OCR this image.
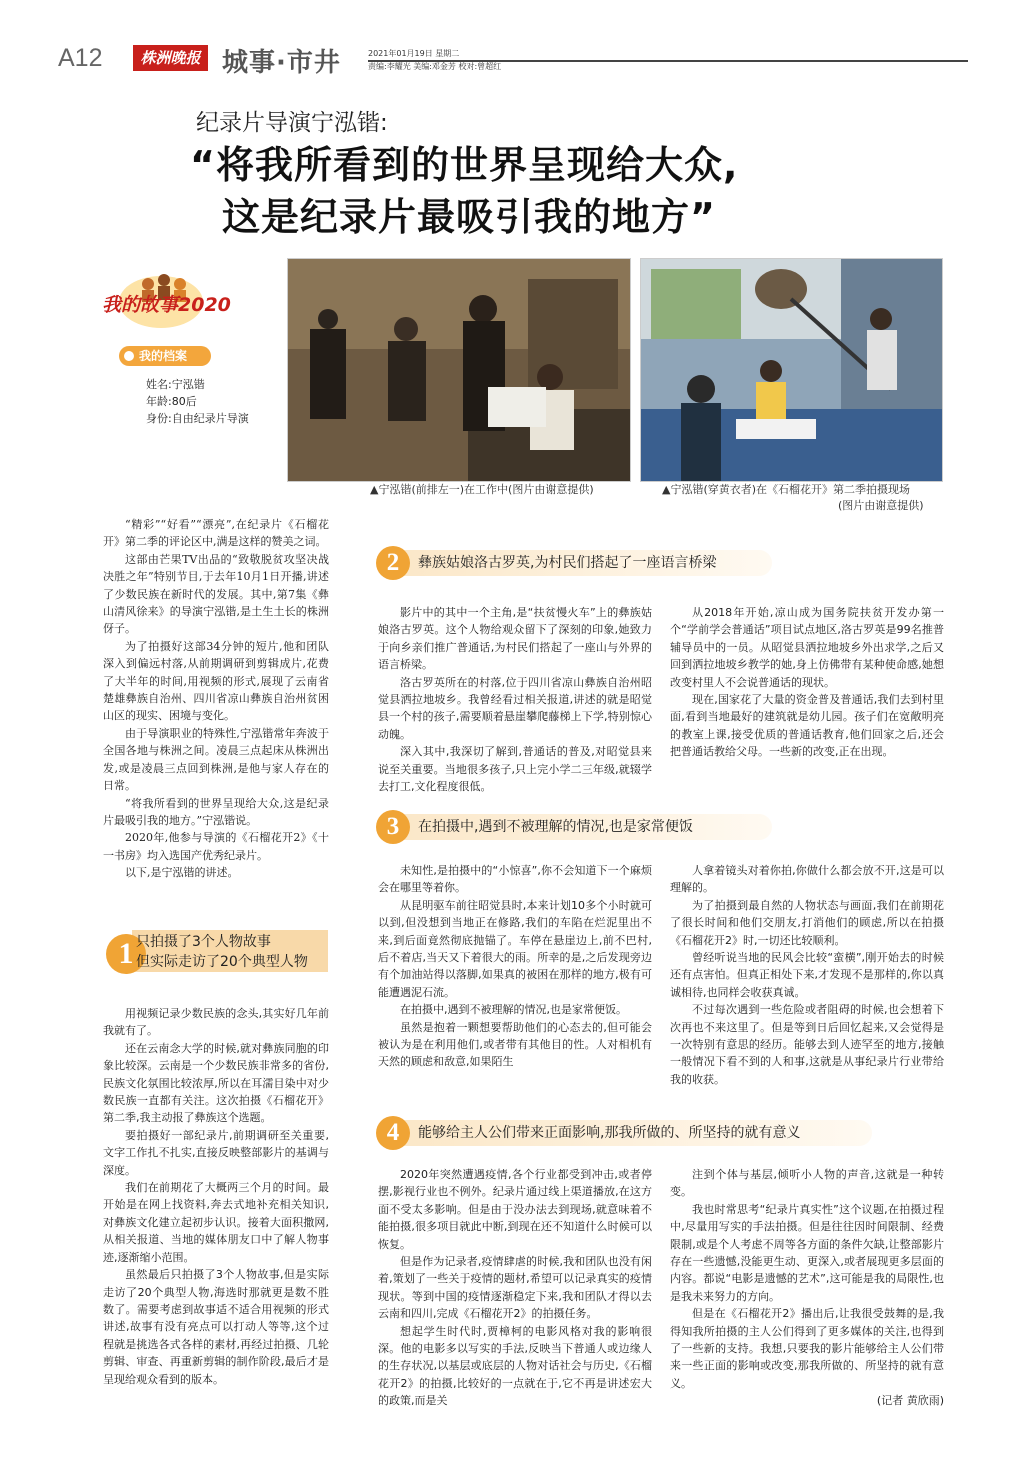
A12	株洲晚报 城事·市井	2021年01月19日 星期二
责编:李耀光 美编:邓金芳 校对:曾超红
纪录片导演宁泓锴:
“将我所看到的世界呈现给大众,
这是纪录片最吸引我的地方”
我的故事2020
我的档案
姓名:宁泓锴
年龄:80后
身份:自由纪录片导演
▲宁泓锴(前排左一)在工作中(图片由谢意提供)	▲宁泓锴(穿黄衣者)在《石榴花开》第二季拍摄现场
(图片由谢意提供)

“精彩”“好看”“漂亮”,在纪录片《石榴花开》第二季的评论区中,满是这样的赞美之词。

这部由芒果TV出品的“致敬脱贫攻坚决战决胜之年”特别节目,于去年10月1日开播,讲述了少数民族在新时代的发展。其中,第7集《彝山清风徐来》的导演宁泓锴,是土生土长的株洲伢子。

为了拍摄好这部34分钟的短片,他和团队深入到偏远村落,从前期调研到剪辑成片,花费了大半年的时间,用视频的形式,展现了云南省楚雄彝族自治州、四川省凉山彝族自治州贫困山区的现实、困境与变化。

由于导演职业的特殊性,宁泓锴常年奔波于全国各地与株洲之间。凌晨三点起床从株洲出发,或是凌晨三点回到株洲,是他与家人存在的日常。

“将我所看到的世界呈现给大众,这是纪录片最吸引我的地方。”宁泓锴说。

2020年,他参与导演的《石榴花开2》《十一书房》均入选国产优秀纪录片。

以下,是宁泓锴的讲述。

1 只拍摄了3个人物故事
但实际走访了20个典型人物

用视频记录少数民族的念头,其实好几年前我就有了。

还在云南念大学的时候,就对彝族同胞的印象比较深。云南是一个少数民族非常多的省份,民族文化氛围比较浓厚,所以在耳濡目染中对少数民族一直都有关注。这次拍摄《石榴花开》第二季,我主动报了彝族这个选题。

要拍摄好一部纪录片,前期调研至关重要,文字工作扎不扎实,直接反映整部影片的基调与深度。

我们在前期花了大概两三个月的时间。最开始是在网上找资料,奔去式地补充相关知识,对彝族文化建立起初步认识。接着大面积撒网,从相关报道、当地的媒体朋友口中了解人物事迹,逐渐缩小范围。

虽然最后只拍摄了3个人物故事,但是实际走访了20个典型人物,海选时那就更是数不胜数了。需要考虑到故事适不适合用视频的形式讲述,故事有没有亮点可以打动人等等,这个过程就是挑选各式各样的素材,再经过拍摄、几轮剪辑、审查、再重新剪辑的制作阶段,最后才是呈现给观众看到的版本。

2	彝族姑娘洛古罗英,为村民们搭起了一座语言桥梁

影片中的其中一个主角,是“扶贫慢火车”上的彝族姑娘洛古罗英。这个人物给观众留下了深刻的印象,她致力于向乡亲们推广普通话,为村民们搭起了一座山与外界的语言桥梁。

洛古罗英所在的村落,位于四川省凉山彝族自治州昭觉县洒拉地坡乡。我曾经看过相关报道,讲述的就是昭觉县一个村的孩子,需要顺着悬崖攀爬藤梯上下学,特别惊心动魄。

深入其中,我深切了解到,普通话的普及,对昭觉县来说至关重要。当地很多孩子,只上完小学二三年级,就辍学去打工,文化程度很低。

从2018年开始,凉山成为国务院扶贫开发办第一个“学前学会普通话”项目试点地区,洛古罗英是99名推普辅导员中的一员。从昭觉县洒拉地坡乡外出求学,之后又回到洒拉地坡乡教学的她,身上仿佛带有某种使命感,她想改变村里人不会说普通话的现状。

现在,国家花了大量的资金普及普通话,我们去到村里面,看到当地最好的建筑就是幼儿园。孩子们在宽敞明亮的教室上课,接受优质的普通话教育,他们回家之后,还会把普通话教给父母。一些新的改变,正在出现。

3	在拍摄中,遇到不被理解的情况,也是家常便饭

未知性,是拍摄中的“小惊喜”,你不会知道下一个麻烦会在哪里等着你。

从昆明驱车前往昭觉县时,本来计划10多个小时就可以到,但没想到当地正在修路,我们的车陷在烂泥里出不来,到后面竟然彻底抛锚了。车停在悬崖边上,前不巴村,后不着店,当天又下着很大的雨。所幸的是,之后发现旁边有个加油站得以落脚,如果真的被困在那样的地方,极有可能遭遇泥石流。

在拍摄中,遇到不被理解的情况,也是家常便饭。

虽然是抱着一颗想要帮助他们的心态去的,但可能会被认为是在利用他们,或者带有其他目的性。人对相机有天然的顾虑和敌意,如果陌生

人拿着镜头对着你拍,你做什么都会放不开,这是可以理解的。

为了拍摄到最自然的人物状态与画面,我们在前期花了很长时间和他们交朋友,打消他们的顾虑,所以在拍摄《石榴花开2》时,一切还比较顺利。

曾经听说当地的民风会比较“蛮横”,刚开始去的时候还有点害怕。但真正相处下来,才发现不是那样的,你以真诚相待,也同样会收获真诚。

不过每次遇到一些危险或者阻碍的时候,也会想着下次再也不来这里了。但是等到日后回忆起来,又会觉得是一次特别有意思的经历。能够去到人迹罕至的地方,接触一般情况下看不到的人和事,这就是从事纪录片行业带给我的收获。

4	能够给主人公们带来正面影响,那我所做的、所坚持的就有意义

2020年突然遭遇疫情,各个行业都受到冲击,或者停摆,影视行业也不例外。纪录片通过线上渠道播放,在这方面不受太多影响。但是由于没办法去到现场,就意味着不能拍摄,很多项目就此中断,到现在还不知道什么时候可以恢复。

但是作为记录者,疫情肆虐的时候,我和团队也没有闲着,策划了一些关于疫情的题材,希望可以记录真实的疫情现状。等到中国的疫情逐渐稳定下来,我和团队才得以去云南和四川,完成《石榴花开2》的拍摄任务。

想起学生时代时,贾樟柯的电影风格对我的影响很深。他的电影多以写实的手法,反映当下普通人或边缘人的生存状况,以基层或底层的人物对话社会与历史,《石榴花开2》的拍摄,比较好的一点就在于,它不再是讲述宏大的政策,而是关

注到个体与基层,倾听小人物的声音,这就是一种转变。

我也时常思考“纪录片真实性”这个议题,在拍摄过程中,尽量用写实的手法拍摄。但是往往因时间限制、经费限制,或是个人考虑不周等各方面的条件欠缺,让整部影片存在一些遗憾,没能更生动、更深入,或者展现更多层面的内容。都说“电影是遗憾的艺术”,这可能是我的局限性,也是我未来努力的方向。

但是在《石榴花开2》播出后,让我很受鼓舞的是,我得知我所拍摄的主人公们得到了更多媒体的关注,也得到了一些新的支持。我想,只要我的影片能够给主人公们带来一些正面的影响或改变,那我所做的、所坚持的就有意义。

(记者 黄欣雨)
